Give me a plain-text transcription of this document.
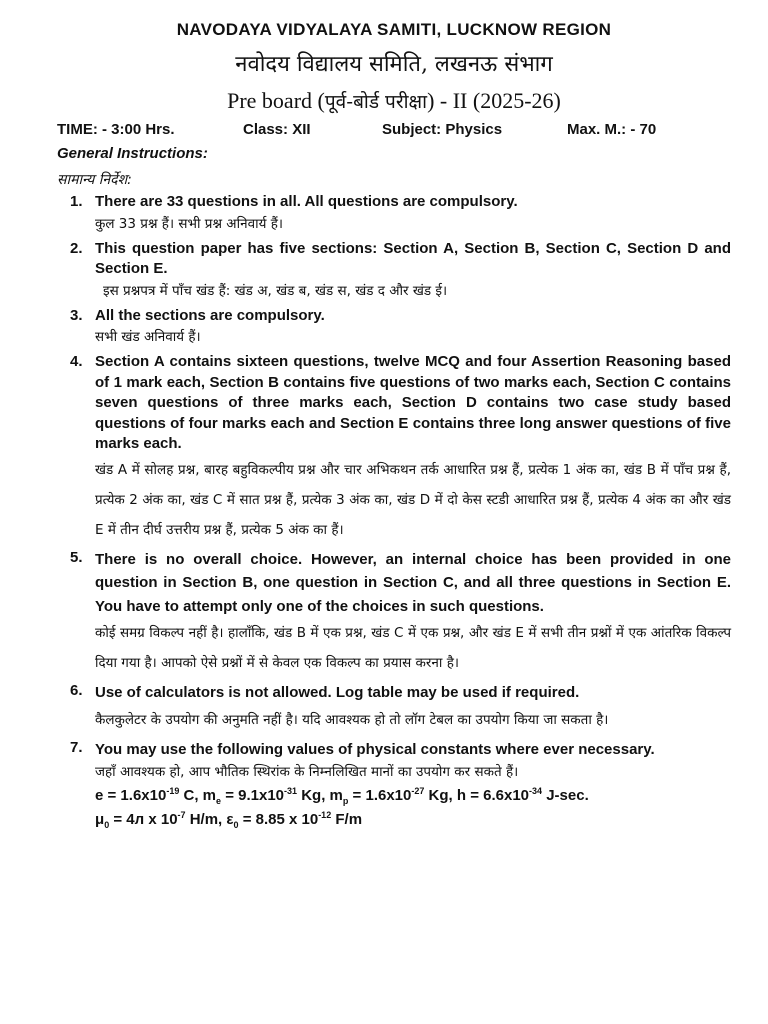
NAVODAYA VIDYALAYA SAMITI, LUCKNOW REGION
नवोदय विद्यालय समिति, लखनऊ संभाग
Pre board (पूर्व-बोर्ड परीक्षा) - II (2025-26)
TIME: - 3:00 Hrs.	Class: XII	Subject: Physics	Max. M.: - 70
General Instructions:
सामान्य निर्देश:
1. There are 33 questions in all. All questions are compulsory.
कुल 33 प्रश्न हैं। सभी प्रश्न अनिवार्य हैं।
2. This question paper has five sections: Section A, Section B, Section C, Section D and Section E.
इस प्रश्नपत्र में पाँच खंड हैं: खंड अ, खंड ब, खंड स, खंड द और खंड ई।
3. All the sections are compulsory.
सभी खंड अनिवार्य हैं।
4. Section A contains sixteen questions, twelve MCQ and four Assertion Reasoning based of 1 mark each, Section B contains five questions of two marks each, Section C contains seven questions of three marks each, Section D contains two case study based questions of four marks each and Section E contains three long answer questions of five marks each.
खंड A में सोलह प्रश्न, बारह बहुविकल्पीय प्रश्न और चार अभिकथन तर्क आधारित प्रश्न हैं, प्रत्येक 1 अंक का, खंड B में पाँच प्रश्न हैं, प्रत्येक 2 अंक का, खंड C में सात प्रश्न हैं, प्रत्येक 3 अंक का, खंड D में दो केस स्टडी आधारित प्रश्न हैं, प्रत्येक 4 अंक का और खंड E में तीन दीर्घ उत्तरीय प्रश्न हैं, प्रत्येक 5 अंक का हैं।
5. There is no overall choice. However, an internal choice has been provided in one question in Section B, one question in Section C, and all three questions in Section E. You have to attempt only one of the choices in such questions.
कोई समग्र विकल्प नहीं है। हालाँकि, खंड B में एक प्रश्न, खंड C में एक प्रश्न, और खंड E में सभी तीन प्रश्नों में एक आंतरिक विकल्प दिया गया है। आपको ऐसे प्रश्नों में से केवल एक विकल्प का प्रयास करना है।
6. Use of calculators is not allowed. Log table may be used if required.
कैलकुलेटर के उपयोग की अनुमति नहीं है। यदि आवश्यक हो तो लॉग टेबल का उपयोग किया जा सकता है।
7. You may use the following values of physical constants where ever necessary.
जहाँ आवश्यक हो, आप भौतिक स्थिरांक के निम्नलिखित मानों का उपयोग कर सकते हैं।
$e = 1.6x10^{-19}$ C, $m_e = 9.1x10^{-31}$ Kg, $m_p = 1.6x10^{-27}$ Kg, $h = 6.6x10^{-34}$ J-sec.
$\mu_0 = 4л$ x $10^{-7}$ H/m, $\varepsilon_0 = 8.85$ x $10^{-12}$ F/m
